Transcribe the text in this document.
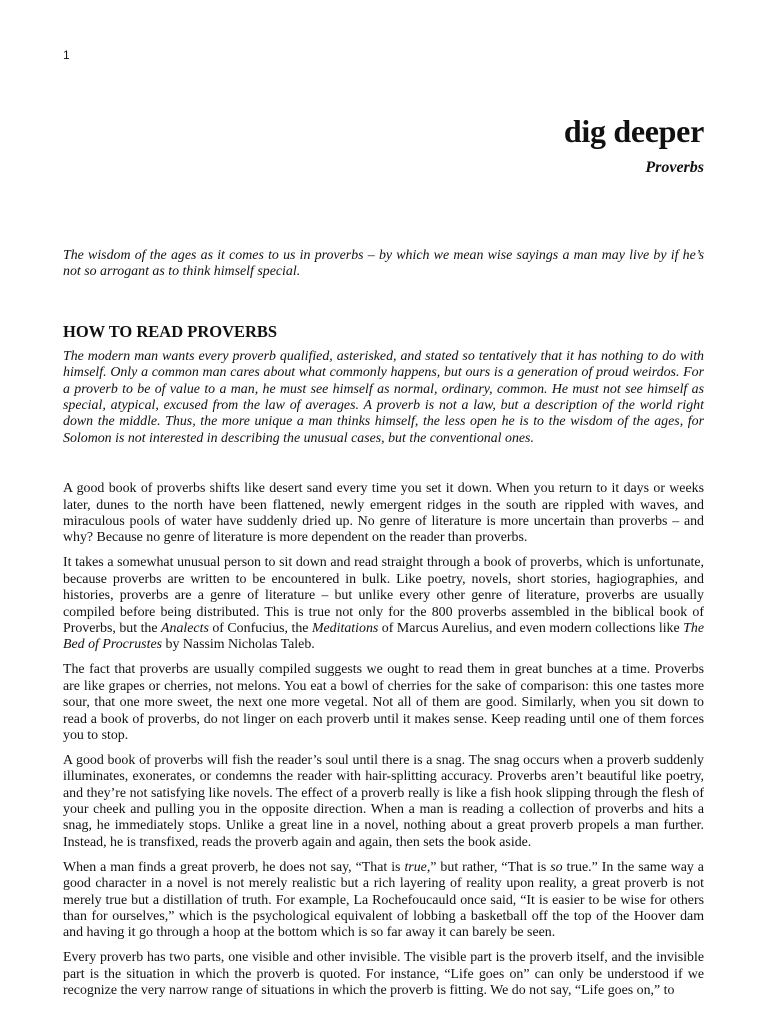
1
dig deeper
Proverbs

The wisdom of the ages as it comes to us in proverbs – by which we mean wise sayings a man may live by if he’s not so arrogant as to think himself special.

HOW TO READ PROVERBS

The modern man wants every proverb qualified, asterisked, and stated so tentatively that it has nothing to do with himself. Only a common man cares about what commonly happens, but ours is a generation of proud weirdos. For a proverb to be of value to a man, he must see himself as normal, ordinary, common. He must not see himself as special, atypical, excused from the law of averages. A proverb is not a law, but a description of the world right down the middle. Thus, the more unique a man thinks himself, the less open he is to the wisdom of the ages, for Solomon is not interested in describing the unusual cases, but the conventional ones.

A good book of proverbs shifts like desert sand every time you set it down. When you return to it days or weeks later, dunes to the north have been flattened, newly emergent ridges in the south are rippled with waves, and miraculous pools of water have suddenly dried up. No genre of literature is more uncertain than proverbs – and why? Because no genre of literature is more dependent on the reader than proverbs.

It takes a somewhat unusual person to sit down and read straight through a book of proverbs, which is unfortunate, because proverbs are written to be encountered in bulk. Like poetry, novels, short stories, hagiographies, and histories, proverbs are a genre of literature – but unlike every other genre of literature, proverbs are usually compiled before being distributed. This is true not only for the 800 proverbs assembled in the biblical book of Proverbs, but the Analects of Confucius, the Meditations of Marcus Aurelius, and even modern collections like The Bed of Procrustes by Nassim Nicholas Taleb.

The fact that proverbs are usually compiled suggests we ought to read them in great bunches at a time. Proverbs are like grapes or cherries, not melons. You eat a bowl of cherries for the sake of comparison: this one tastes more sour, that one more sweet, the next one more vegetal. Not all of them are good. Similarly, when you sit down to read a book of proverbs, do not linger on each proverb until it makes sense. Keep reading until one of them forces you to stop.

A good book of proverbs will fish the reader’s soul until there is a snag. The snag occurs when a proverb suddenly illuminates, exonerates, or condemns the reader with hair-splitting accuracy. Proverbs aren’t beautiful like poetry, and they’re not satisfying like novels. The effect of a proverb really is like a fish hook slipping through the flesh of your cheek and pulling you in the opposite direction. When a man is reading a collection of proverbs and hits a snag, he immediately stops. Unlike a great line in a novel, nothing about a great proverb propels a man further. Instead, he is transfixed, reads the proverb again and again, then sets the book aside.

When a man finds a great proverb, he does not say, “That is true,” but rather, “That is so true.” In the same way a good character in a novel is not merely realistic but a rich layering of reality upon reality, a great proverb is not merely true but a distillation of truth. For example, La Rochefoucauld once said, “It is easier to be wise for others than for ourselves,” which is the psychological equivalent of lobbing a basketball off the top of the Hoover dam and having it go through a hoop at the bottom which is so far away it can barely be seen.

Every proverb has two parts, one visible and other invisible. The visible part is the proverb itself, and the invisible part is the situation in which the proverb is quoted. For instance, “Life goes on” can only be understood if we recognize the very narrow range of situations in which the proverb is fitting. We do not say, “Life goes on,” to
